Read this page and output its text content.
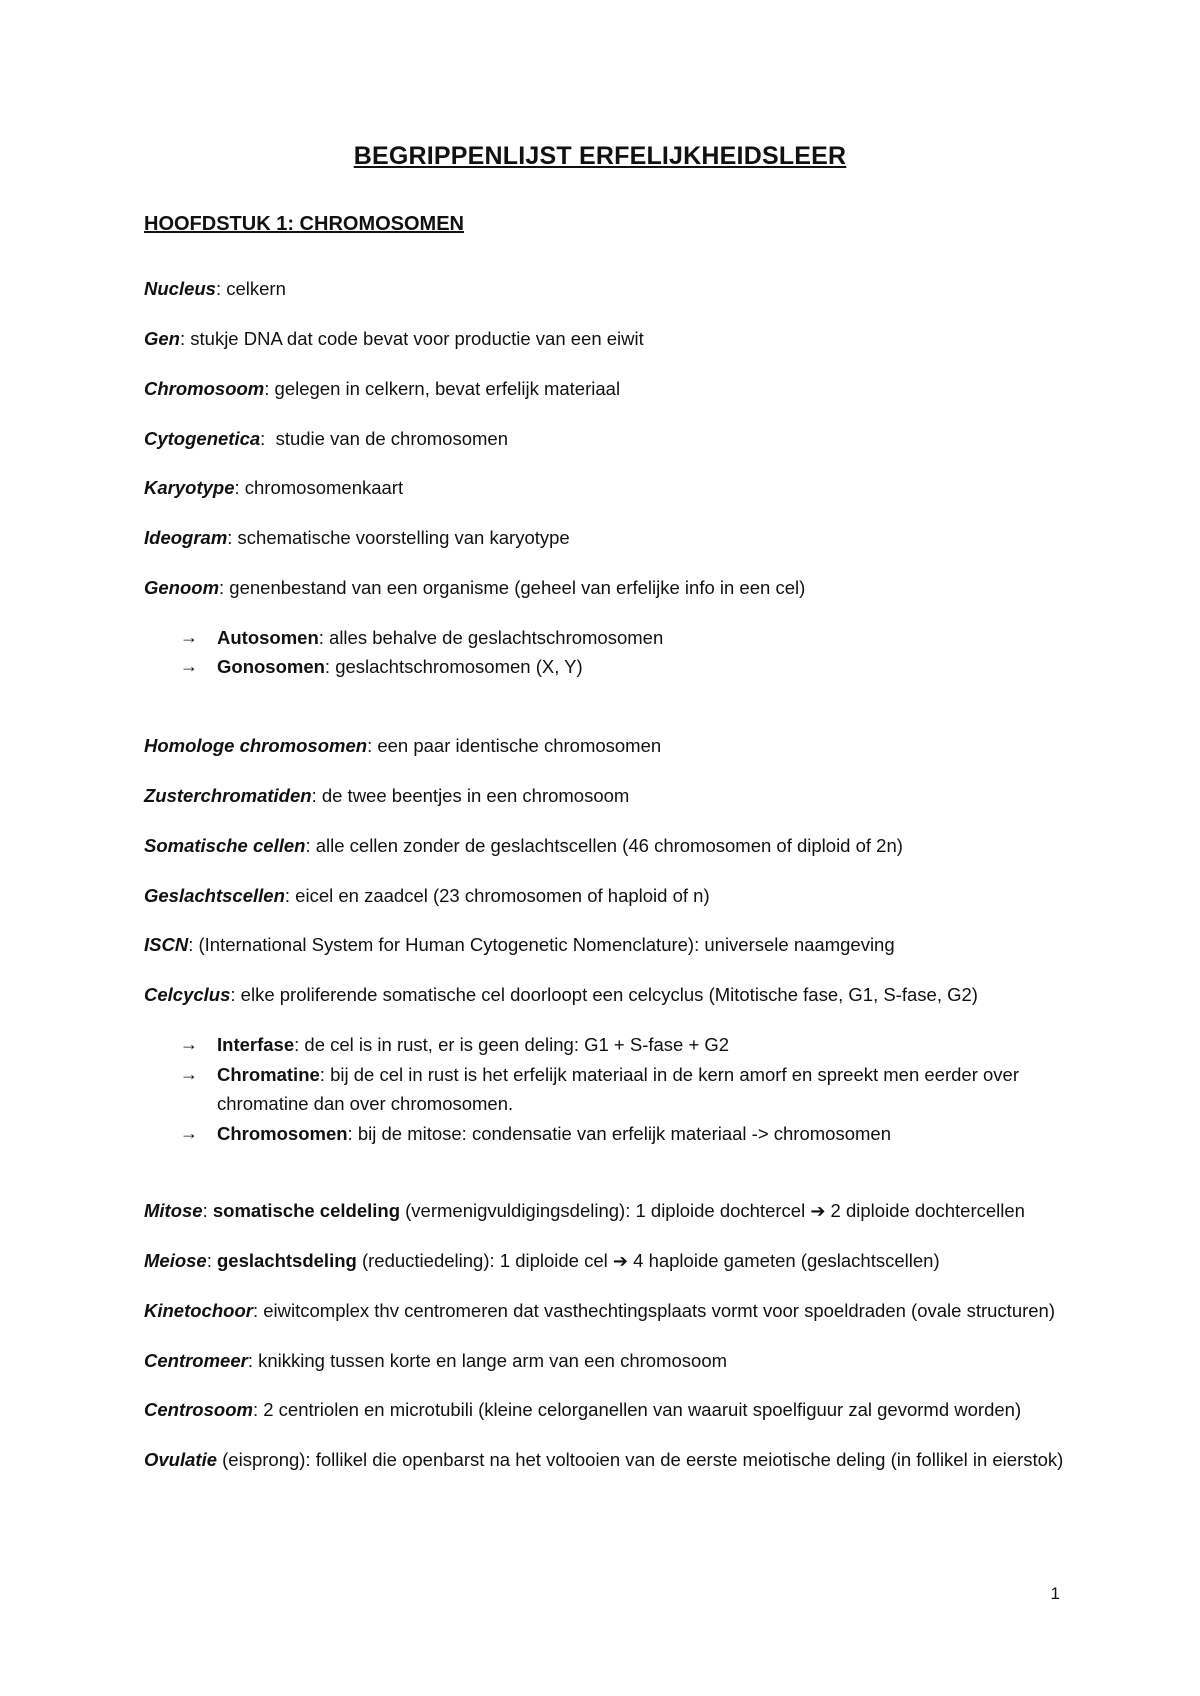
BEGRIPPENLIJST ERFELIJKHEIDSLEER
HOOFDSTUK 1: CHROMOSOMEN
Nucleus: celkern
Gen: stukje DNA dat code bevat voor productie van een eiwit
Chromosoom: gelegen in celkern, bevat erfelijk materiaal
Cytogenetica:  studie van de chromosomen
Karyotype: chromosomenkaart
Ideogram: schematische voorstelling van karyotype
Genoom: genenbestand van een organisme (geheel van erfelijke info in een cel)
→ Autosomen: alles behalve de geslachtschromosomen
→ Gonosomen: geslachtschromosomen (X, Y)
Homologe chromosomen: een paar identische chromosomen
Zusterchromatiden: de twee beentjes in een chromosoom
Somatische cellen: alle cellen zonder de geslachtscellen (46 chromosomen of diploid of 2n)
Geslachtscellen: eicel en zaadcel (23 chromosomen of haploid of n)
ISCN: (International System for Human Cytogenetic Nomenclature): universele naamgeving
Celcyclus: elke proliferende somatische cel doorloopt een celcyclus (Mitotische fase, G1, S-fase, G2)
→ Interfase: de cel is in rust, er is geen deling: G1 + S-fase + G2
→ Chromatine: bij de cel in rust is het erfelijk materiaal in de kern amorf en spreekt men eerder over chromatine dan over chromosomen.
→ Chromosomen: bij de mitose: condensatie van erfelijk materiaal -> chromosomen
Mitose: somatische celdeling (vermenigvuldigingsdeling): 1 diploide dochtercel ➔ 2 diploide dochtercellen
Meiose: geslachtsdeling (reductiedeling): 1 diploide cel ➔ 4 haploide gameten (geslachtscellen)
Kinetochoor: eiwitcomplex thv centromeren dat vasthechtingsplaats vormt voor spoeldraden (ovale structuren)
Centromeer: knikking tussen korte en lange arm van een chromosoom
Centrosoom: 2 centriolen en microtubili (kleine celorganellen van waaruit spoelfiguur zal gevormd worden)
Ovulatie (eisprong): follikel die openbarst na het voltooien van de eerste meiotische deling (in follikel in eierstok)
1
